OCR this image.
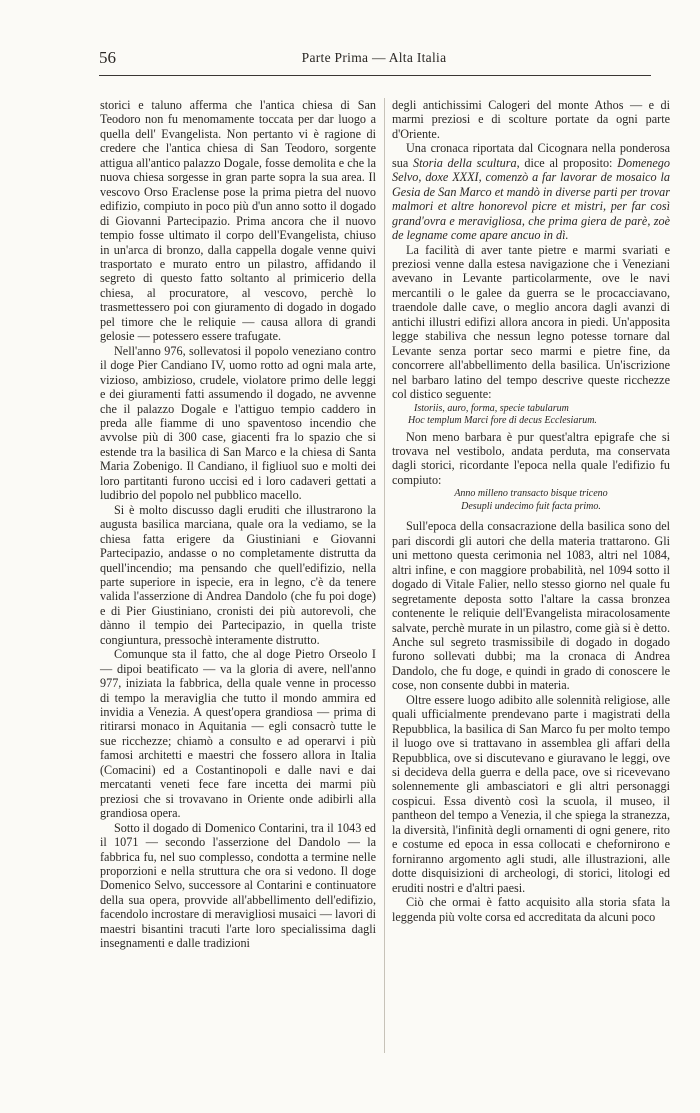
56	Parte Prima — Alta Italia

storici e taluno afferma che l'antica chiesa di San Teodoro non fu menomamente toccata per dar luogo a quella dell' Evangelista. Non pertanto vi è ragione di credere che l'antica chiesa di San Teodoro, sorgente attigua all'antico palazzo Dogale, fosse demolita e che la nuova chiesa sorgesse in gran parte sopra la sua area. Il vescovo Orso Eraclense pose la prima pietra del nuovo edifizio, compiuto in poco più d'un anno sotto il dogado di Giovanni Partecipazio. Prima ancora che il nuovo tempio fosse ultimato il corpo dell'Evangelista, chiuso in un'arca di bronzo, dalla cappella dogale venne quivi trasportato e murato entro un pilastro, affidando il segreto di questo fatto soltanto al primicerio della chiesa, al procuratore, al vescovo, perchè lo trasmettessero poi con giuramento di dogado in dogado pel timore che le reliquie — causa allora di grandi gelosie — potessero essere trafugate.

Nell'anno 976, sollevatosi il popolo veneziano contro il doge Pier Candiano IV, uomo rotto ad ogni mala arte, vizioso, ambizioso, crudele, violatore primo delle leggi e dei giuramenti fatti assumendo il dogado, ne avvenne che il palazzo Dogale e l'attiguo tempio caddero in preda alle fiamme di uno spaventoso incendio che avvolse più di 300 case, giacenti fra lo spazio che si estende tra la basilica di San Marco e la chiesa di Santa Maria Zobenigo. Il Candiano, il figliuol suo e molti dei loro partitanti furono uccisi ed i loro cadaveri gettati a ludibrio del popolo nel pubblico macello.

Si è molto discusso dagli eruditi che illustrarono la augusta basilica marciana, quale ora la vediamo, se la chiesa fatta erigere da Giustiniani e Giovanni Partecipazio, andasse o no completamente distrutta da quell'incendio; ma pensando che quell'edifizio, nella parte superiore in ispecie, era in legno, c'è da tenere valida l'asserzione di Andrea Dandolo (che fu poi doge) e di Pier Giustiniano, cronisti dei più autorevoli, che dànno il tempio dei Partecipazio, in quella triste congiuntura, pressochè interamente distrutto.

Comunque sta il fatto, che al doge Pietro Orseolo I — dipoi beatificato — va la gloria di avere, nell'anno 977, iniziata la fabbrica, della quale venne in processo di tempo la meraviglia che tutto il mondo ammira ed invidia a Venezia. A quest'opera grandiosa — prima di ritirarsi monaco in Aquitania — egli consacrò tutte le sue ricchezze; chiamò a consulto e ad operarvi i più famosi architetti e maestri che fossero allora in Italia (Comacini) ed a Costantinopoli e dalle navi e dai mercatanti veneti fece fare incetta dei marmi più preziosi che si trovavano in Oriente onde adibirli alla grandiosa opera.

Sotto il dogado di Domenico Contarini, tra il 1043 ed il 1071 — secondo l'asserzione del Dandolo — la fabbrica fu, nel suo complesso, condotta a termine nelle proporzioni e nella struttura che ora si vedono. Il doge Domenico Selvo, successore al Contarini e continuatore della sua opera, provvide all'abbellimento dell'edifizio, facendolo incrostare di meravigliosi musaici — lavori di maestri bisantini tracuti l'arte loro specialissima dagli insegnamenti e dalle tradizioni

degli antichissimi Calogeri del monte Athos — e di marmi preziosi e di scolture portate da ogni parte d'Oriente.

Una cronaca riportata dal Cicognara nella ponderosa sua Storia della scultura, dice al proposito: Domenego Selvo, doxe XXXI, comenzò a far lavorar de mosaico la Gesia de San Marco et mandò in diverse parti per trovar malmori et altre honorevol picre et mistri, per far così grand'ovra e meravigliosa, che prima giera de parè, zoè de legname come apare ancuo in dì.

La facilità di aver tante pietre e marmi svariati e preziosi venne dalla estesa navigazione che i Veneziani avevano in Levante particolarmente, ove le navi mercantili o le galee da guerra se le procacciavano, traendole dalle cave, o meglio ancora dagli avanzi di antichi illustri edifizi allora ancora in piedi. Un'apposita legge stabiliva che nessun legno potesse tornare dal Levante senza portar seco marmi e pietre fine, da concorrere all'abbellimento della basilica. Un'iscrizione nel barbaro latino del tempo descrive queste ricchezze col distico seguente:

Istoriis, auro, forma, specie tabularum
Hoc templum Marci fore di decus Ecclesiarum.

Non meno barbara è pur quest'altra epigrafe che si trovava nel vestibolo, andata perduta, ma conservata dagli storici, ricordante l'epoca nella quale l'edifizio fu compiuto:

Anno milleno transacto bisque triceno
Desupli undecimo fuit facta primo.

Sull'epoca della consacrazione della basilica sono del pari discordi gli autori che della materia trattarono. Gli uni mettono questa cerimonia nel 1083, altri nel 1084, altri infine, e con maggiore probabilità, nel 1094 sotto il dogado di Vitale Falier, nello stesso giorno nel quale fu segretamente deposta sotto l'altare la cassa bronzea contenente le reliquie dell'Evangelista miracolosamente salvate, perchè murate in un pilastro, come già si è detto. Anche sul segreto trasmissibile di dogado in dogado furono sollevati dubbi; ma la cronaca di Andrea Dandolo, che fu doge, e quindi in grado di conoscere le cose, non consente dubbi in materia.

Oltre essere luogo adibito alle solennità religiose, alle quali ufficialmente prendevano parte i magistrati della Repubblica, la basilica di San Marco fu per molto tempo il luogo ove si trattavano in assemblea gli affari della Repubblica, ove si discutevano e giuravano le leggi, ove si decideva della guerra e della pace, ove si ricevevano solennemente gli ambasciatori e gli altri personaggi cospicui. Essa diventò così la scuola, il museo, il pantheon del tempo a Venezia, il che spiega la stranezza, la diversità, l'infinità degli ornamenti di ogni genere, rito e costume ed epoca in essa collocati e chefornirono e forniranno argomento agli studi, alle illustrazioni, alle dotte disquisizioni di archeologi, di storici, litologi ed eruditi nostri e d'altri paesi.

Ciò che ormai è fatto acquisito alla storia sfata la leggenda più volte corsa ed accreditata da alcuni poco
